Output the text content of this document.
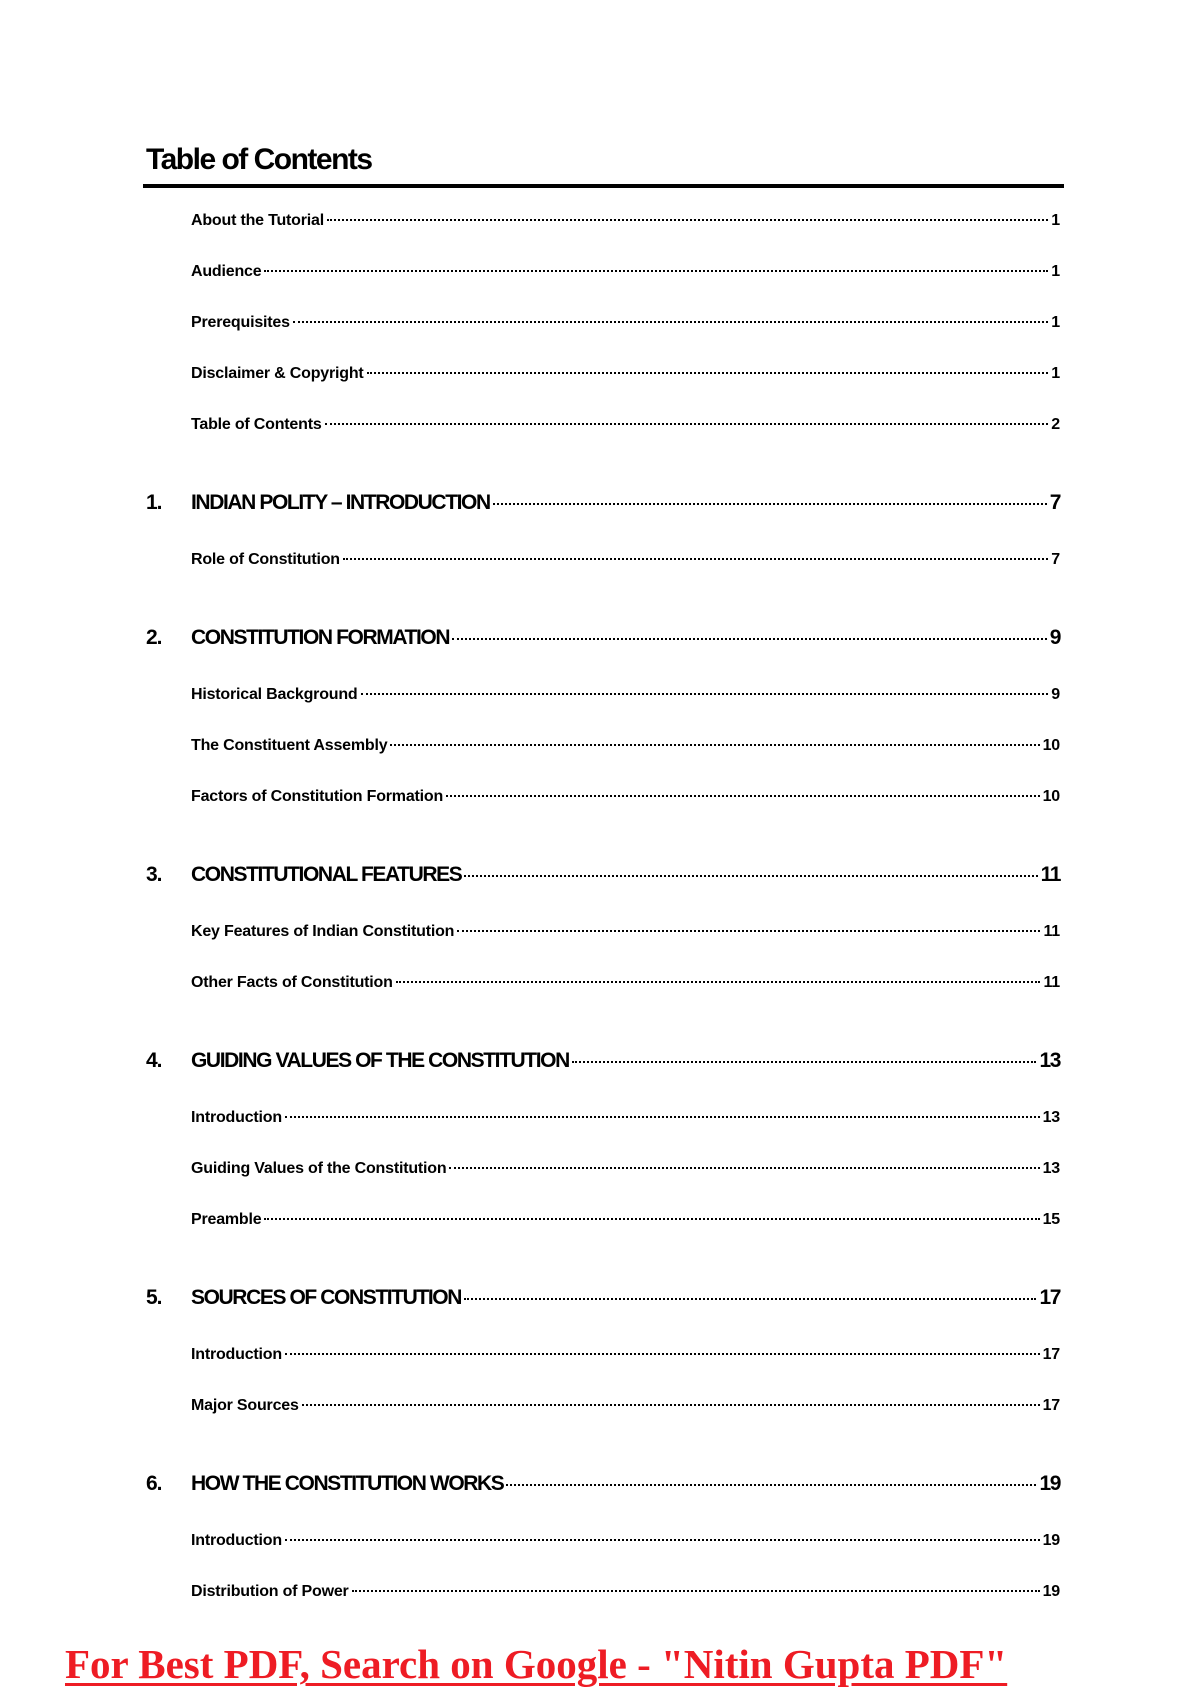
Table of Contents
About the Tutorial	1
Audience	1
Prerequisites	1
Disclaimer & Copyright	1
Table of Contents	2
1. INDIAN POLITY – INTRODUCTION	7
Role of Constitution	7
2. CONSTITUTION FORMATION	9
Historical Background	9
The Constituent Assembly	10
Factors of Constitution Formation	10
3. CONSTITUTIONAL FEATURES	11
Key Features of Indian Constitution	11
Other Facts of Constitution	11
4. GUIDING VALUES OF THE CONSTITUTION	13
Introduction	13
Guiding Values of the Constitution	13
Preamble	15
5. SOURCES OF CONSTITUTION	17
Introduction	17
Major Sources	17
6. HOW THE CONSTITUTION WORKS	19
Introduction	19
Distribution of Power	19

For Best PDF, Search on Google - "Nitin Gupta PDF"
